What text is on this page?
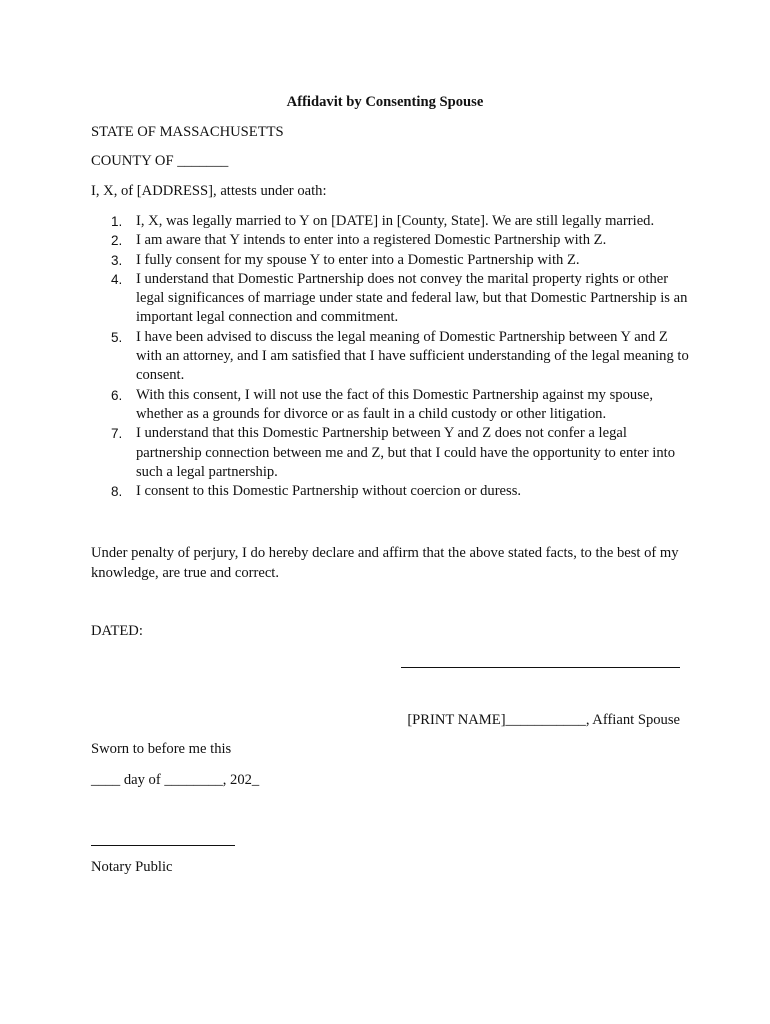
Affidavit by Consenting Spouse
STATE OF MASSACHUSETTS
COUNTY OF _______
I, X, of [ADDRESS], attests under oath:
1. I, X, was legally married to Y on [DATE] in [County, State]. We are still legally married.
2. I am aware that Y intends to enter into a registered Domestic Partnership with Z.
3. I fully consent for my spouse Y to enter into a Domestic Partnership with Z.
4. I understand that Domestic Partnership does not convey the marital property rights or other legal significances of marriage under state and federal law, but that Domestic Partnership is an important legal connection and commitment.
5. I have been advised to discuss the legal meaning of Domestic Partnership between Y and Z with an attorney, and I am satisfied that I have sufficient understanding of the legal meaning to consent.
6. With this consent, I will not use the fact of this Domestic Partnership against my spouse, whether as a grounds for divorce or as fault in a child custody or other litigation.
7. I understand that this Domestic Partnership between Y and Z does not confer a legal partnership connection between me and Z, but that I could have the opportunity to enter into such a legal partnership.
8. I consent to this Domestic Partnership without coercion or duress.
Under penalty of perjury, I do hereby declare and affirm that the above stated facts, to the best of my knowledge, are true and correct.
DATED:
[PRINT NAME]___________, Affiant Spouse
Sworn to before me this
____ day of ________, 202_
Notary Public
